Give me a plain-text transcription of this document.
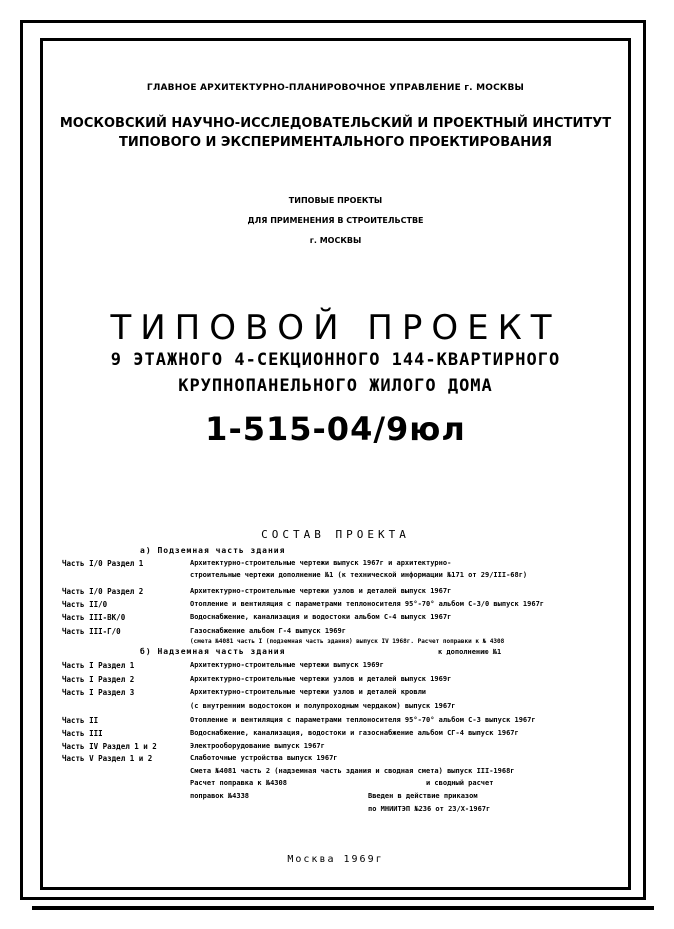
ГЛАВНОЕ АРХИТЕКТУРНО-ПЛАНИРОВОЧНОЕ УПРАВЛЕНИЕ г. МОСКВЫ
МОСКОВСКИЙ НАУЧНО-ИССЛЕДОВАТЕЛЬСКИЙ И ПРОЕКТНЫЙ ИНСТИТУТ
ТИПОВОГО И ЭКСПЕРИМЕНТАЛЬНОГО ПРОЕКТИРОВАНИЯ
ТИПОВЫЕ ПРОЕКТЫ
ДЛЯ ПРИМЕНЕНИЯ В СТРОИТЕЛЬСТВЕ
г. МОСКВЫ
ТИПОВОЙ ПРОЕКТ
9 ЭТАЖНОГО 4-СЕКЦИОННОГО 144-КВАРТИРНОГО
КРУПНОПАНЕЛЬНОГО ЖИЛОГО ДОМА
1-515-04/9юл
СОСТАВ ПРОЕКТА
а) Подземная часть здания
Часть I/0 Раздел 1	Архитектурно-строительные чертежи выпуск 1967г и архитектурно-
строительные чертежи дополнение №1 (к технической информации №171 от 29/III-68г)
Часть I/0 Раздел 2	Архитектурно-строительные чертежи узлов и деталей выпуск 1967г
Часть II/0	Отопление и вентиляция с параметрами теплоносителя 95°-70° альбом С-3/0 выпуск 1967г
Часть III-ВК/0	Водоснабжение, канализация и водостоки альбом С-4 выпуск 1967г
Часть III-Г/0	Газоснабжение альбом Г-4 выпуск 1969г
(смета №4081 часть I (подземная часть здания) выпуск IV 1968г. Расчет поправки к № 4308
б) Надземная часть здания	к дополнению №1
Часть I Раздел 1	Архитектурно-строительные чертежи выпуск 1969г
Часть I Раздел 2	Архитектурно-строительные чертежи узлов и деталей выпуск 1969г
Часть I Раздел 3	Архитектурно-строительные чертежи узлов и деталей кровли
(с внутренним водостоком и полупроходным чердаком) выпуск 1967г
Часть II	Отопление и вентиляция с параметрами теплоносителя 95°-70° альбом С-3 выпуск 1967г
Часть III	Водоснабжение, канализация, водостоки и газоснабжение альбом СГ-4 выпуск 1967г
Часть IV Раздел 1 и 2	Электрооборудование выпуск 1967г
Часть V Раздел 1 и 2	Слаботочные устройства выпуск 1967г
Смета №4081 часть 2 (надземная часть здания и сводная смета) выпуск III-1968г
Расчет поправка к №4308	и сводный расчет
поправок №4338	Введен в действие приказом
по МНИИТЭП №236 от 23/X-1967г
Москва 1969г
